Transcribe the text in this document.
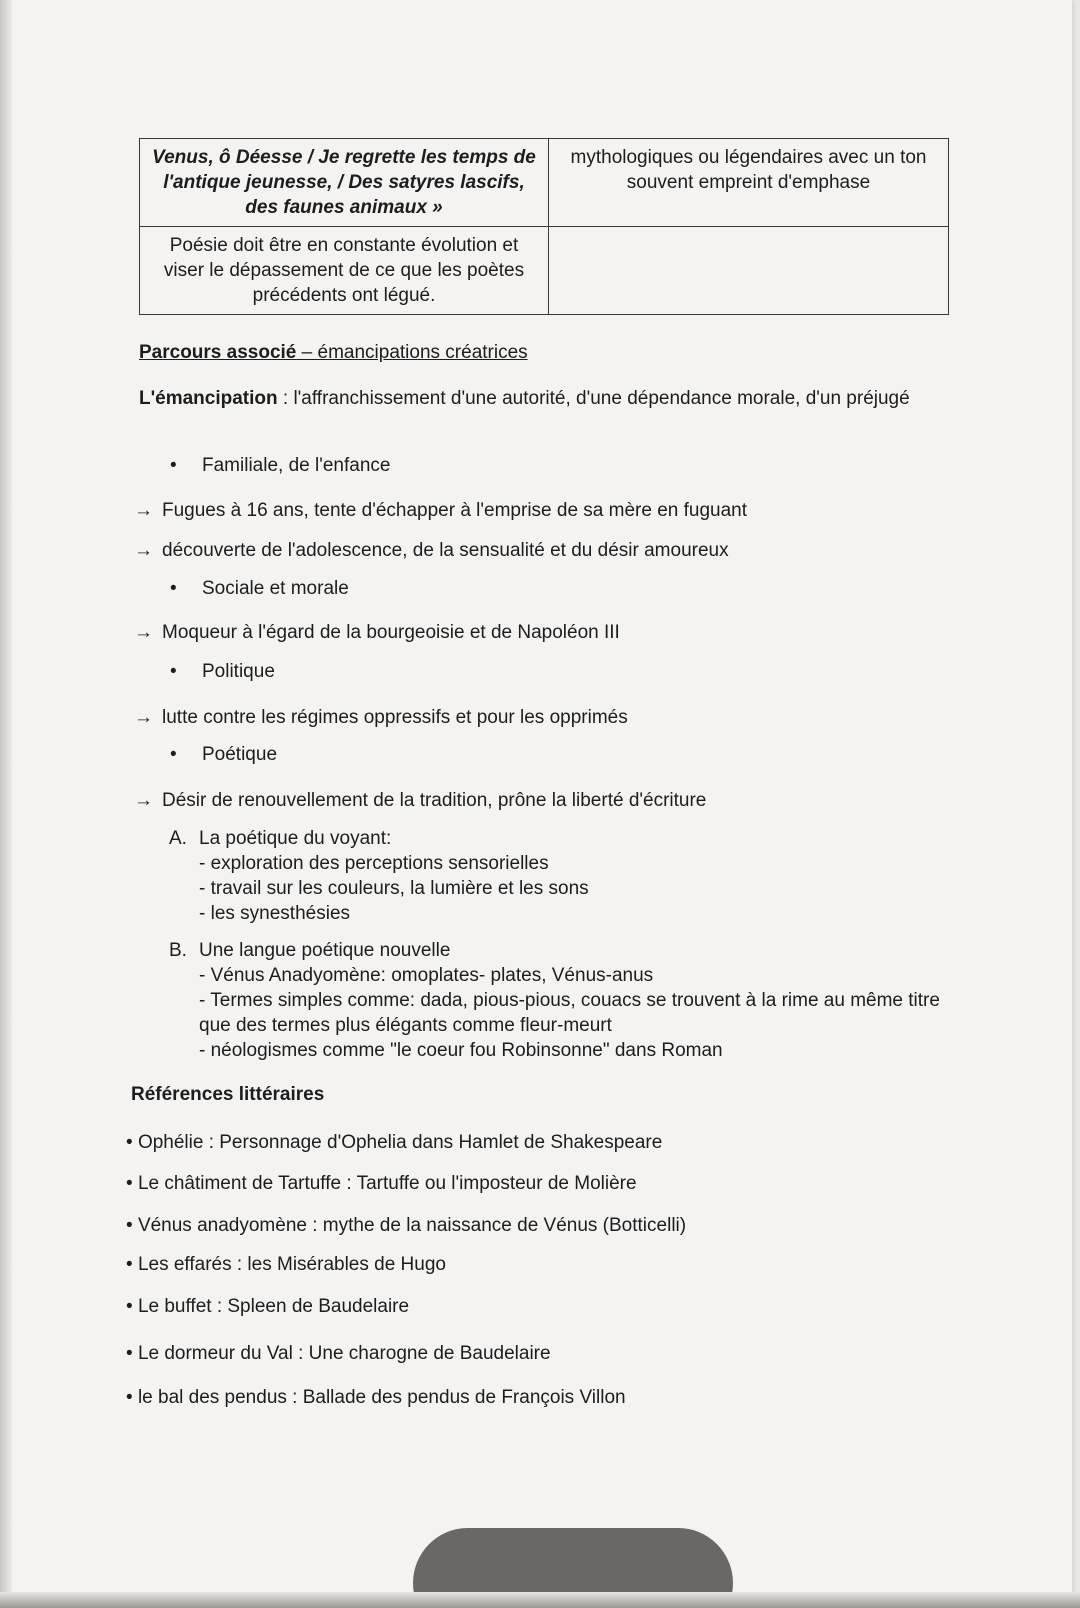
Venus, ô Déesse / Je regrette les temps de l'antique jeunesse, / Des satyres lascifs, des faunes animaux »	mythologiques ou légendaires avec un ton souvent empreint d'emphase
Poésie doit être en constante évolution et viser le dépassement de ce que les poètes précédents ont légué.	
Parcours associé – émancipations créatrices
L'émancipation : l'affranchissement d'une autorité, d'une dépendance morale, d'un préjugé
• Familiale, de l'enfance
→ Fugues à 16 ans, tente d'échapper à l'emprise de sa mère en fuguant
→ découverte de l'adolescence, de la sensualité et du désir amoureux
• Sociale et morale
→ Moqueur à l'égard de la bourgeoisie et de Napoléon III
• Politique
→ lutte contre les régimes oppressifs et pour les opprimés
• Poétique
→ Désir de renouvellement de la tradition, prône la liberté d'écriture
A. La poétique du voyant:
- exploration des perceptions sensorielles
- travail sur les couleurs, la lumière et les sons
- les synesthésies
B. Une langue poétique nouvelle
- Vénus Anadyomène: omoplates- plates, Vénus-anus
- Termes simples comme: dada, pious-pious, couacs se trouvent à la rime au même titre que des termes plus élégants comme fleur-meurt
- néologismes comme "le coeur fou Robinsonne" dans Roman
Références littéraires
• Ophélie : Personnage d'Ophelia dans Hamlet de Shakespeare
• Le châtiment de Tartuffe : Tartuffe ou l'imposteur de Molière
• Vénus anadyomène : mythe de la naissance de Vénus (Botticelli)
• Les effarés : les Misérables de Hugo
• Le buffet : Spleen de Baudelaire
• Le dormeur du Val : Une charogne de Baudelaire
• le bal des pendus : Ballade des pendus de François Villon
